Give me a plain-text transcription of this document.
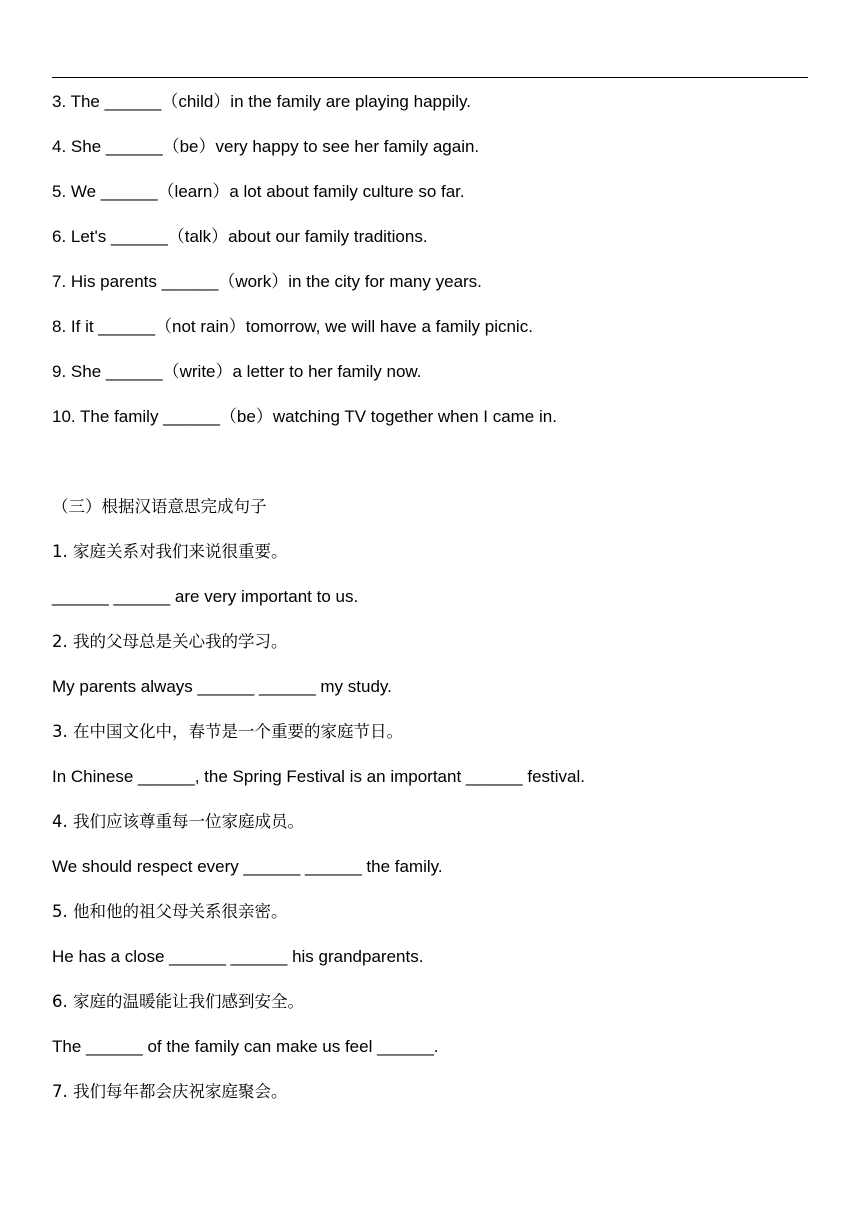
3. The ______（child）in the family are playing happily.
4. She ______（be）very happy to see her family again.
5. We ______（learn）a lot about family culture so far.
6. Let's ______（talk）about our family traditions.
7. His parents ______（work）in the city for many years.
8. If it ______（not rain）tomorrow, we will have a family picnic.
9. She ______（write）a letter to her family now.
10. The family ______（be）watching TV together when I came in.
（三）根据汉语意思完成句子
1. 家庭关系对我们来说很重要。
______ ______ are very important to us.
2. 我的父母总是关心我的学习。
My parents always ______ ______ my study.
3. 在中国文化中，春节是一个重要的家庭节日。
In Chinese ______, the Spring Festival is an important ______ festival.
4. 我们应该尊重每一位家庭成员。
We should respect every ______ ______ the family.
5. 他和他的祖父母关系很亲密。
He has a close ______ ______ his grandparents.
6. 家庭的温暖能让我们感到安全。
The ______ of the family can make us feel ______.
7. 我们每年都会庆祝家庭聚会。
